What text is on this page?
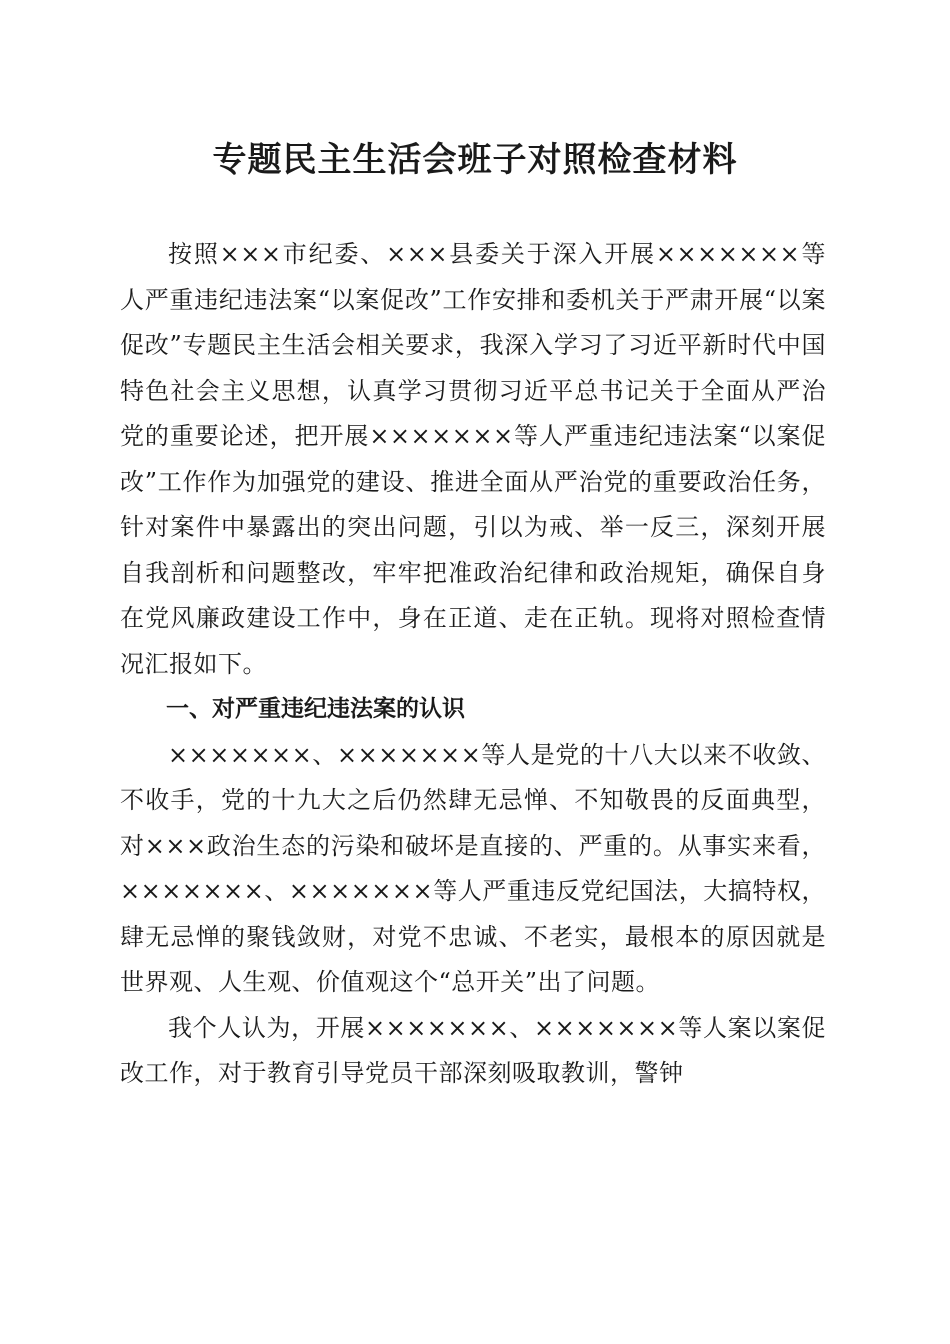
专题民主生活会班子对照检查材料

按照×××市纪委、×××县委关于深入开展×××××××等人严重违纪违法案“以案促改”工作安排和委机关于严肃开展“以案促改”专题民主生活会相关要求，我深入学习了习近平新时代中国特色社会主义思想，认真学习贯彻习近平总书记关于全面从严治党的重要论述，把开展×××××××等人严重违纪违法案“以案促改”工作作为加强党的建设、推进全面从严治党的重要政治任务，针对案件中暴露出的突出问题，引以为戒、举一反三，深刻开展自我剖析和问题整改，牢牢把准政治纪律和政治规矩，确保自身在党风廉政建设工作中，身在正道、走在正轨。现将对照检查情况汇报如下。

一、对严重违纪违法案的认识

×××××××、×××××××等人是党的十八大以来不收敛、不收手，党的十九大之后仍然肆无忌惮、不知敬畏的反面典型，对×××政治生态的污染和破坏是直接的、严重的。从事实来看，×××××××、×××××××等人严重违反党纪国法，大搞特权，肆无忌惮的聚钱敛财，对党不忠诚、不老实，最根本的原因就是世界观、人生观、价值观这个“总开关”出了问题。

我个人认为，开展×××××××、×××××××等人案以案促改工作，对于教育引导党员干部深刻吸取教训，警钟
